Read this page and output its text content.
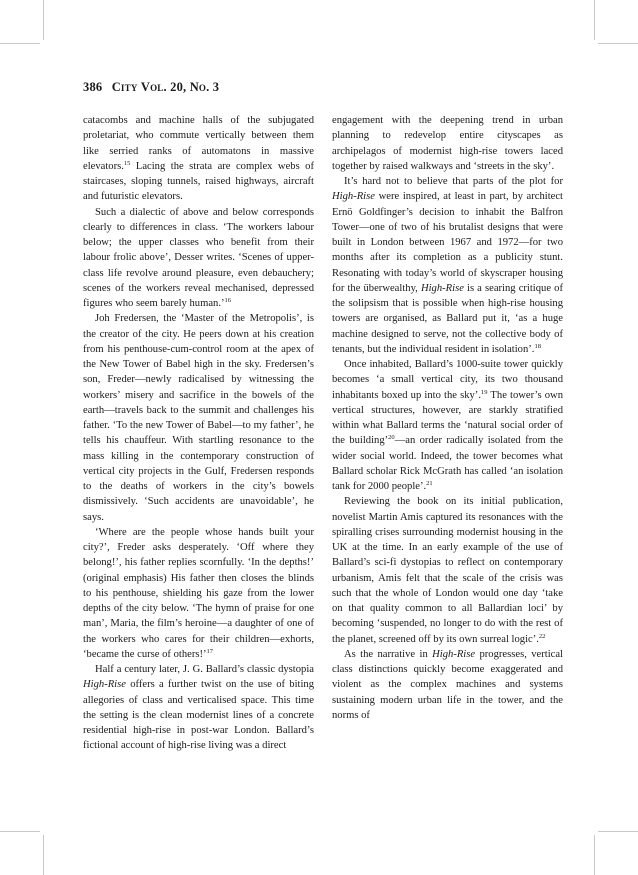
386 City Vol. 20, No. 3

catacombs and machine halls of the subjugated proletariat, who commute vertically between them like serried ranks of automatons in massive elevators.$^{15}$ Lacing the strata are complex webs of staircases, sloping tunnels, raised highways, aircraft and futuristic elevators.

Such a dialectic of above and below corresponds clearly to differences in class. ‘The workers labour below; the upper classes who benefit from their labour frolic above’, Desser writes. ‘Scenes of upper-class life revolve around pleasure, even debauchery; scenes of the workers reveal mechanised, depressed figures who seem barely human.’$^{16}$

Joh Fredersen, the ‘Master of the Metropolis’, is the creator of the city. He peers down at his creation from his penthouse-cum-control room at the apex of the New Tower of Babel high in the sky. Fredersen’s son, Freder—newly radicalised by witnessing the workers’ misery and sacrifice in the bowels of the earth—travels back to the summit and challenges his father. ‘To the new Tower of Babel—to my father’, he tells his chauffeur. With startling resonance to the mass killing in the contemporary construction of vertical city projects in the Gulf, Fredersen responds to the deaths of workers in the city’s bowels dismissively. ‘Such accidents are unavoidable’, he says.

‘Where are the people whose hands built your city?’, Freder asks desperately. ‘Off where they belong!’, his father replies scornfully. ‘In the depths!’ (original emphasis) His father then closes the blinds to his penthouse, shielding his gaze from the lower depths of the city below. ‘The hymn of praise for one man’, Maria, the film’s heroine—a daughter of one of the workers who cares for their children—exhorts, ‘became the curse of others!’$^{17}$

Half a century later, J. G. Ballard’s classic dystopia High-Rise offers a further twist on the use of biting allegories of class and verticalised space. This time the setting is the clean modernist lines of a concrete residential high-rise in post-war London. Ballard’s fictional account of high-rise living was a direct

engagement with the deepening trend in urban planning to redevelop entire cityscapes as archipelagos of modernist high-rise towers laced together by raised walkways and ‘streets in the sky’.

It’s hard not to believe that parts of the plot for High-Rise were inspired, at least in part, by architect Ernö Goldfinger’s decision to inhabit the Balfron Tower—one of two of his brutalist designs that were built in London between 1967 and 1972—for two months after its completion as a publicity stunt. Resonating with today’s world of skyscraper housing for the überwealthy, High-Rise is a searing critique of the solipsism that is possible when high-rise housing towers are organised, as Ballard put it, ‘as a huge machine designed to serve, not the collective body of tenants, but the individual resident in isolation’.$^{18}$

Once inhabited, Ballard’s 1000-suite tower quickly becomes ‘a small vertical city, its two thousand inhabitants boxed up into the sky’.$^{19}$ The tower’s own vertical structures, however, are starkly stratified within what Ballard terms the ‘natural social order of the building’$^{20}$—an order radically isolated from the wider social world. Indeed, the tower becomes what Ballard scholar Rick McGrath has called ‘an isolation tank for 2000 people’.$^{21}$

Reviewing the book on its initial publication, novelist Martin Amis captured its resonances with the spiralling crises surrounding modernist housing in the UK at the time. In an early example of the use of Ballard’s sci-fi dystopias to reflect on contemporary urbanism, Amis felt that the scale of the crisis was such that the whole of London would one day ‘take on that quality common to all Ballardian loci’ by becoming ‘suspended, no longer to do with the rest of the planet, screened off by its own surreal logic’.$^{22}$

As the narrative in High-Rise progresses, vertical class distinctions quickly become exaggerated and violent as the complex machines and systems sustaining modern urban life in the tower, and the norms of
